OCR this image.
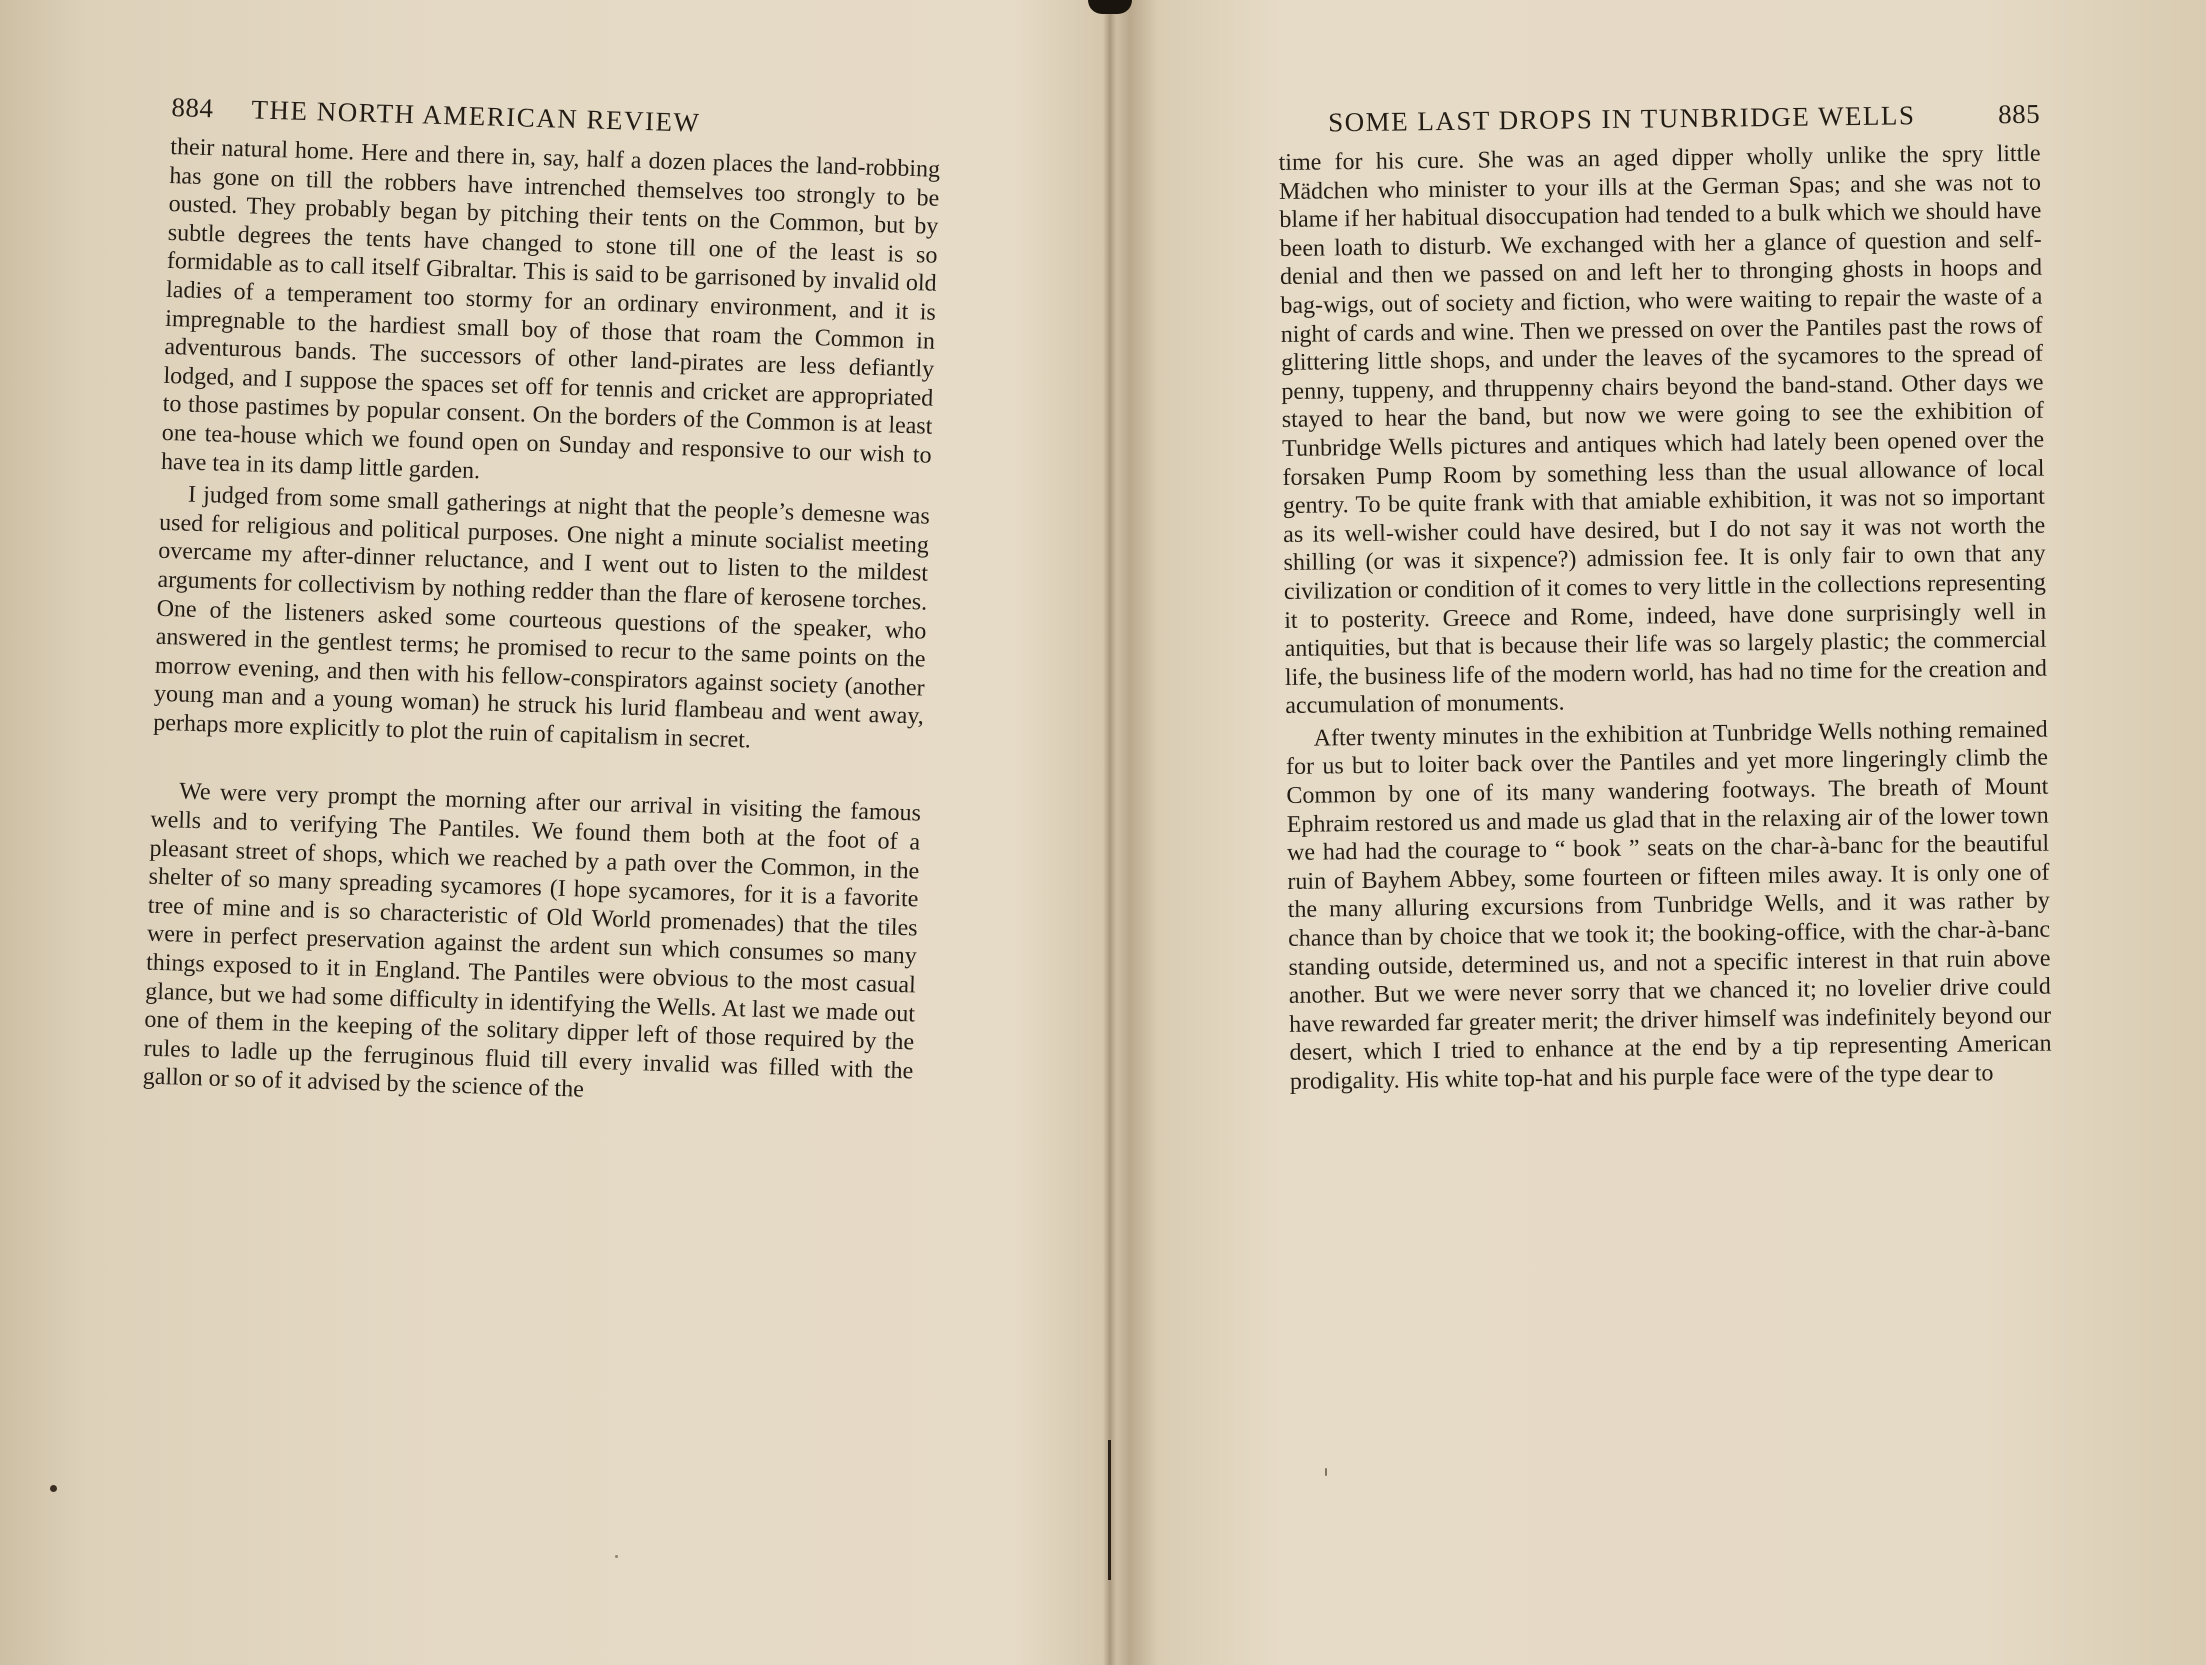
884 THE NORTH AMERICAN REVIEW

their natural home. Here and there in, say, half a dozen places the land-robbing has gone on till the robbers have intrenched themselves too strongly to be ousted. They probably began by pitching their tents on the Common, but by subtle degrees the tents have changed to stone till one of the least is so formidable as to call itself Gibraltar. This is said to be garrisoned by invalid old ladies of a temperament too stormy for an ordinary environment, and it is impregnable to the hardiest small boy of those that roam the Common in adventurous bands. The successors of other land-pirates are less defiantly lodged, and I suppose the spaces set off for tennis and cricket are appropriated to those pastimes by popular consent. On the borders of the Common is at least one tea-house which we found open on Sunday and responsive to our wish to have tea in its damp little garden.

I judged from some small gatherings at night that the people’s demesne was used for religious and political purposes. One night a minute socialist meeting overcame my after-dinner reluctance, and I went out to listen to the mildest arguments for collectivism by nothing redder than the flare of kerosene torches. One of the listeners asked some courteous questions of the speaker, who answered in the gentlest terms; he promised to recur to the same points on the morrow evening, and then with his fellow-conspirators against society (another young man and a young woman) he struck his lurid flambeau and went away, perhaps more explicitly to plot the ruin of capitalism in secret.

We were very prompt the morning after our arrival in visiting the famous wells and to verifying The Pantiles. We found them both at the foot of a pleasant street of shops, which we reached by a path over the Common, in the shelter of so many spreading sycamores (I hope sycamores, for it is a favorite tree of mine and is so characteristic of Old World promenades) that the tiles were in perfect preservation against the ardent sun which consumes so many things exposed to it in England. The Pantiles were obvious to the most casual glance, but we had some difficulty in identifying the Wells. At last we made out one of them in the keeping of the solitary dipper left of those required by the rules to ladle up the ferruginous fluid till every invalid was filled with the gallon or so of it advised by the science of the

SOME LAST DROPS IN TUNBRIDGE WELLS	885

time for his cure. She was an aged dipper wholly unlike the spry little Mädchen who minister to your ills at the German Spas; and she was not to blame if her habitual disoccupation had tended to a bulk which we should have been loath to disturb. We exchanged with her a glance of question and self-denial and then we passed on and left her to thronging ghosts in hoops and bag-wigs, out of society and fiction, who were waiting to repair the waste of a night of cards and wine. Then we pressed on over the Pantiles past the rows of glittering little shops, and under the leaves of the sycamores to the spread of penny, tuppeny, and thruppenny chairs beyond the band-stand. Other days we stayed to hear the band, but now we were going to see the exhibition of Tunbridge Wells pictures and antiques which had lately been opened over the forsaken Pump Room by something less than the usual allowance of local gentry. To be quite frank with that amiable exhibition, it was not so important as its well-wisher could have desired, but I do not say it was not worth the shilling (or was it sixpence?) admission fee. It is only fair to own that any civilization or condition of it comes to very little in the collections representing it to posterity. Greece and Rome, indeed, have done surprisingly well in antiquities, but that is because their life was so largely plastic; the commercial life, the business life of the modern world, has had no time for the creation and accumulation of monuments.

After twenty minutes in the exhibition at Tunbridge Wells nothing remained for us but to loiter back over the Pantiles and yet more lingeringly climb the Common by one of its many wandering footways. The breath of Mount Ephraim restored us and made us glad that in the relaxing air of the lower town we had had the courage to “ book ” seats on the char-à-banc for the beautiful ruin of Bayhem Abbey, some fourteen or fifteen miles away. It is only one of the many alluring excursions from Tunbridge Wells, and it was rather by chance than by choice that we took it; the booking-office, with the char-à-banc standing outside, determined us, and not a specific interest in that ruin above another. But we were never sorry that we chanced it; no lovelier drive could have rewarded far greater merit; the driver himself was indefinitely beyond our desert, which I tried to enhance at the end by a tip representing American prodigality. His white top-hat and his purple face were of the type dear to
